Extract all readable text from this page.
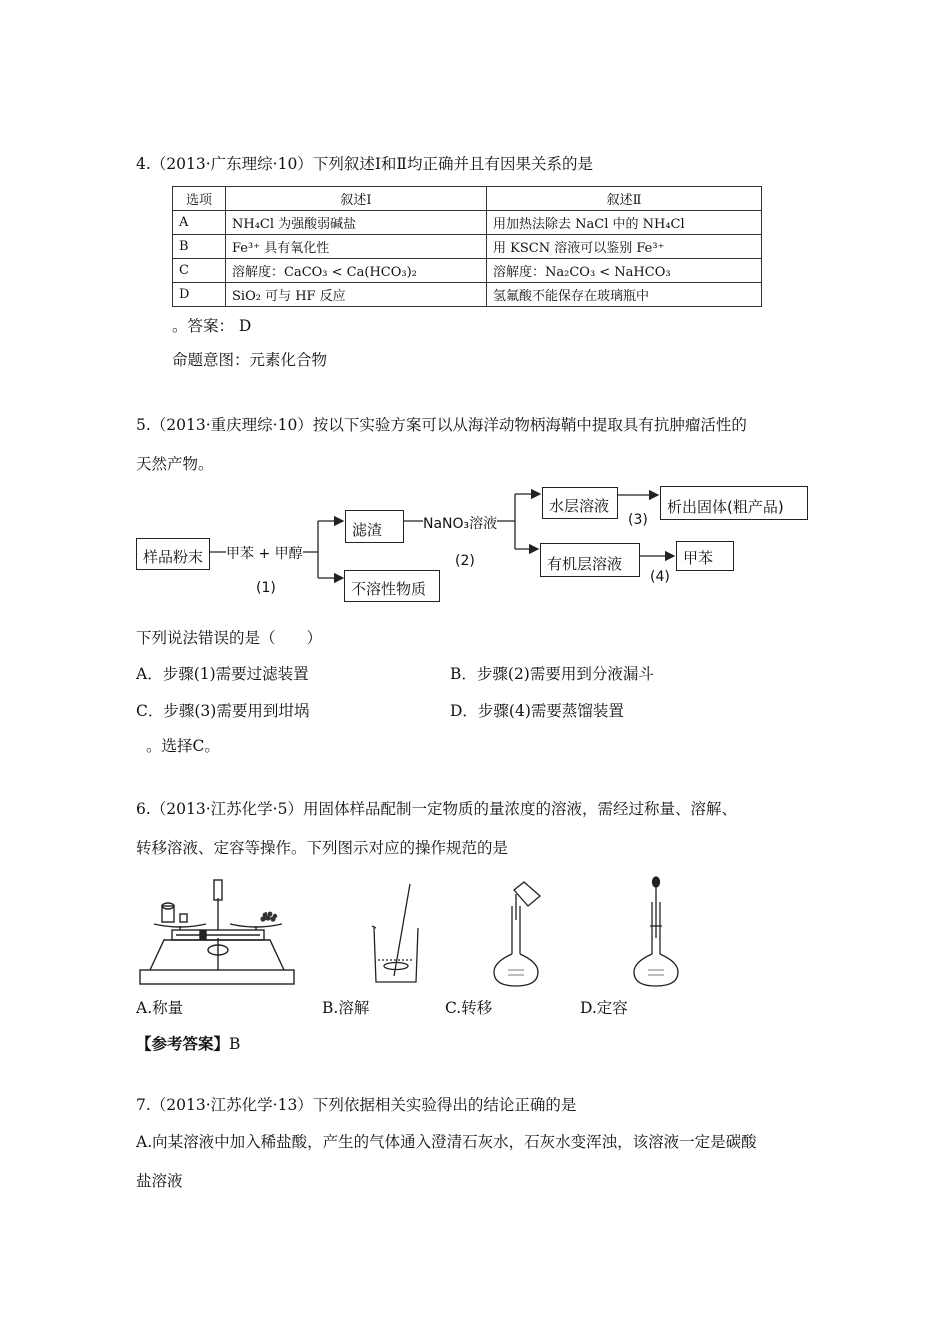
4.（2013·广东理综·10）下列叙述Ⅰ和Ⅱ均正确并且有因果关系的是
选项	叙述Ⅰ	叙述Ⅱ
A	NH₄Cl 为强酸弱碱盐	用加热法除去 NaCl 中的 NH₄Cl
B	Fe³⁺ 具有氧化性	用 KSCN 溶液可以鉴别 Fe³⁺
C	溶解度：CaCO₃ < Ca(HCO₃)₂	溶解度：Na₂CO₃ < NaHCO₃
D	SiO₂ 可与 HF 反应	氢氟酸不能保存在玻璃瓶中
。答案： D
命题意图：元素化合物
5.（2013·重庆理综·10）按以下实验方案可以从海洋动物柄海鞘中提取具有抗肿瘤活性的
天然产物。
样品粉末 甲苯 + 甲醇
(1)
滤渣
不溶性物质
NaNO₃溶液
(2)
水层溶液
(3)
析出固体(粗产品)
有机层溶液
(4)
甲苯
下列说法错误的是（　　）
A．步骤(1)需要过滤装置	B．步骤(2)需要用到分液漏斗
C．步骤(3)需要用到坩埚	D．步骤(4)需要蒸馏装置
。选择C。
6.（2013·江苏化学·5）用固体样品配制一定物质的量浓度的溶液，需经过称量、溶解、
转移溶液、定容等操作。下列图示对应的操作规范的是
A.称量	B.溶解	C.转移	D.定容
【参考答案】B
7.（2013·江苏化学·13）下列依据相关实验得出的结论正确的是
A.向某溶液中加入稀盐酸，产生的气体通入澄清石灰水，石灰水变浑浊，该溶液一定是碳酸
盐溶液
